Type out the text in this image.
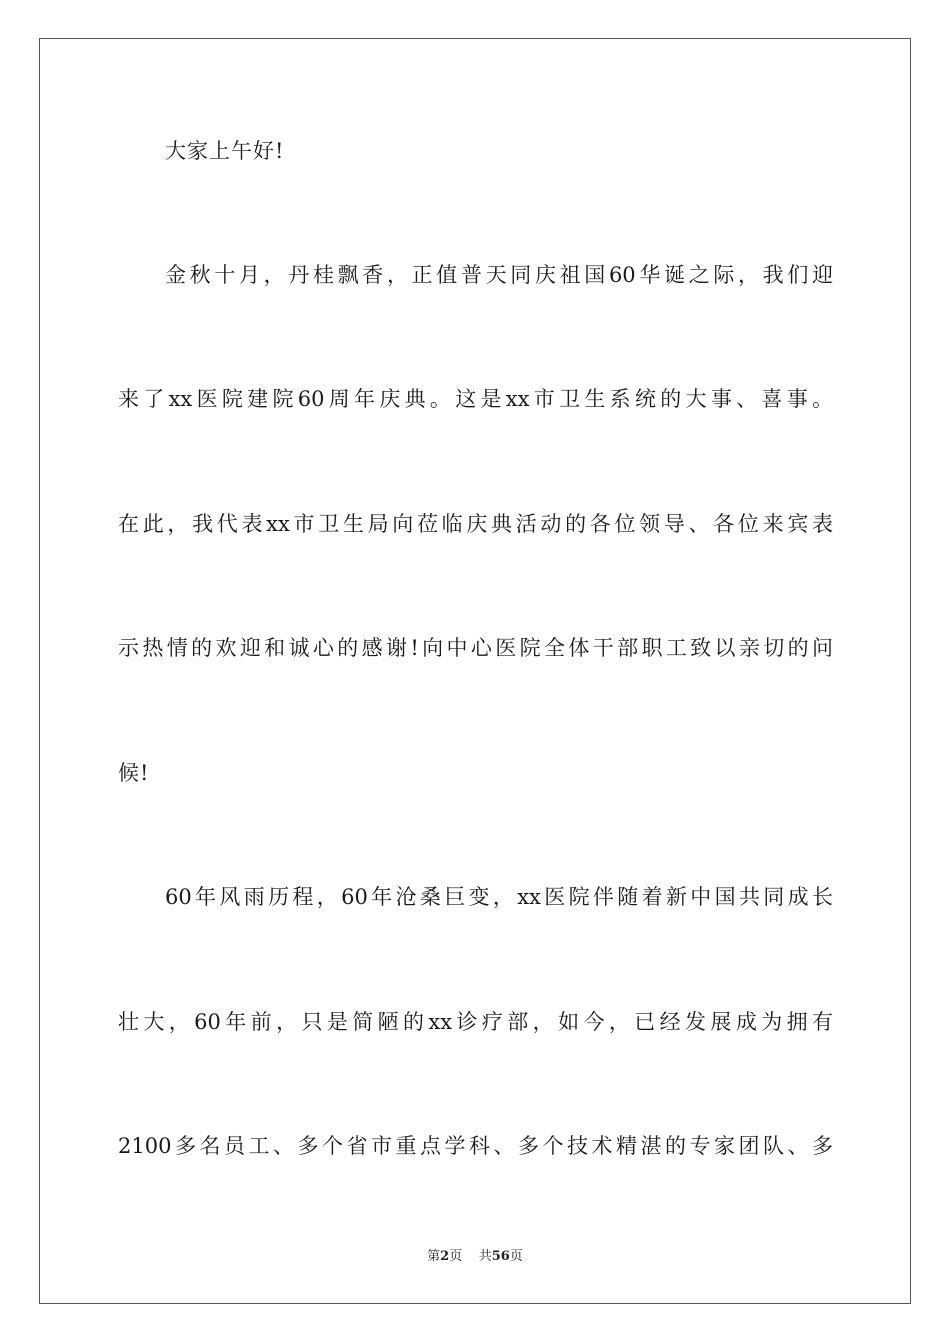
大家上午好!
金秋十月，丹桂飘香，正值普天同庆祖国60华诞之际，我们迎
来了xx医院建院60周年庆典。这是xx市卫生系统的大事、喜事。
在此，我代表xx市卫生局向莅临庆典活动的各位领导、各位来宾表
示热情的欢迎和诚心的感谢!向中心医院全体干部职工致以亲切的问
候!
60年风雨历程，60年沧桑巨变，xx医院伴随着新中国共同成长
壮大，60年前，只是简陋的xx诊疗部，如今，已经发展成为拥有
2100多名员工、多个省市重点学科、多个技术精湛的专家团队、多
第2页 共56页
